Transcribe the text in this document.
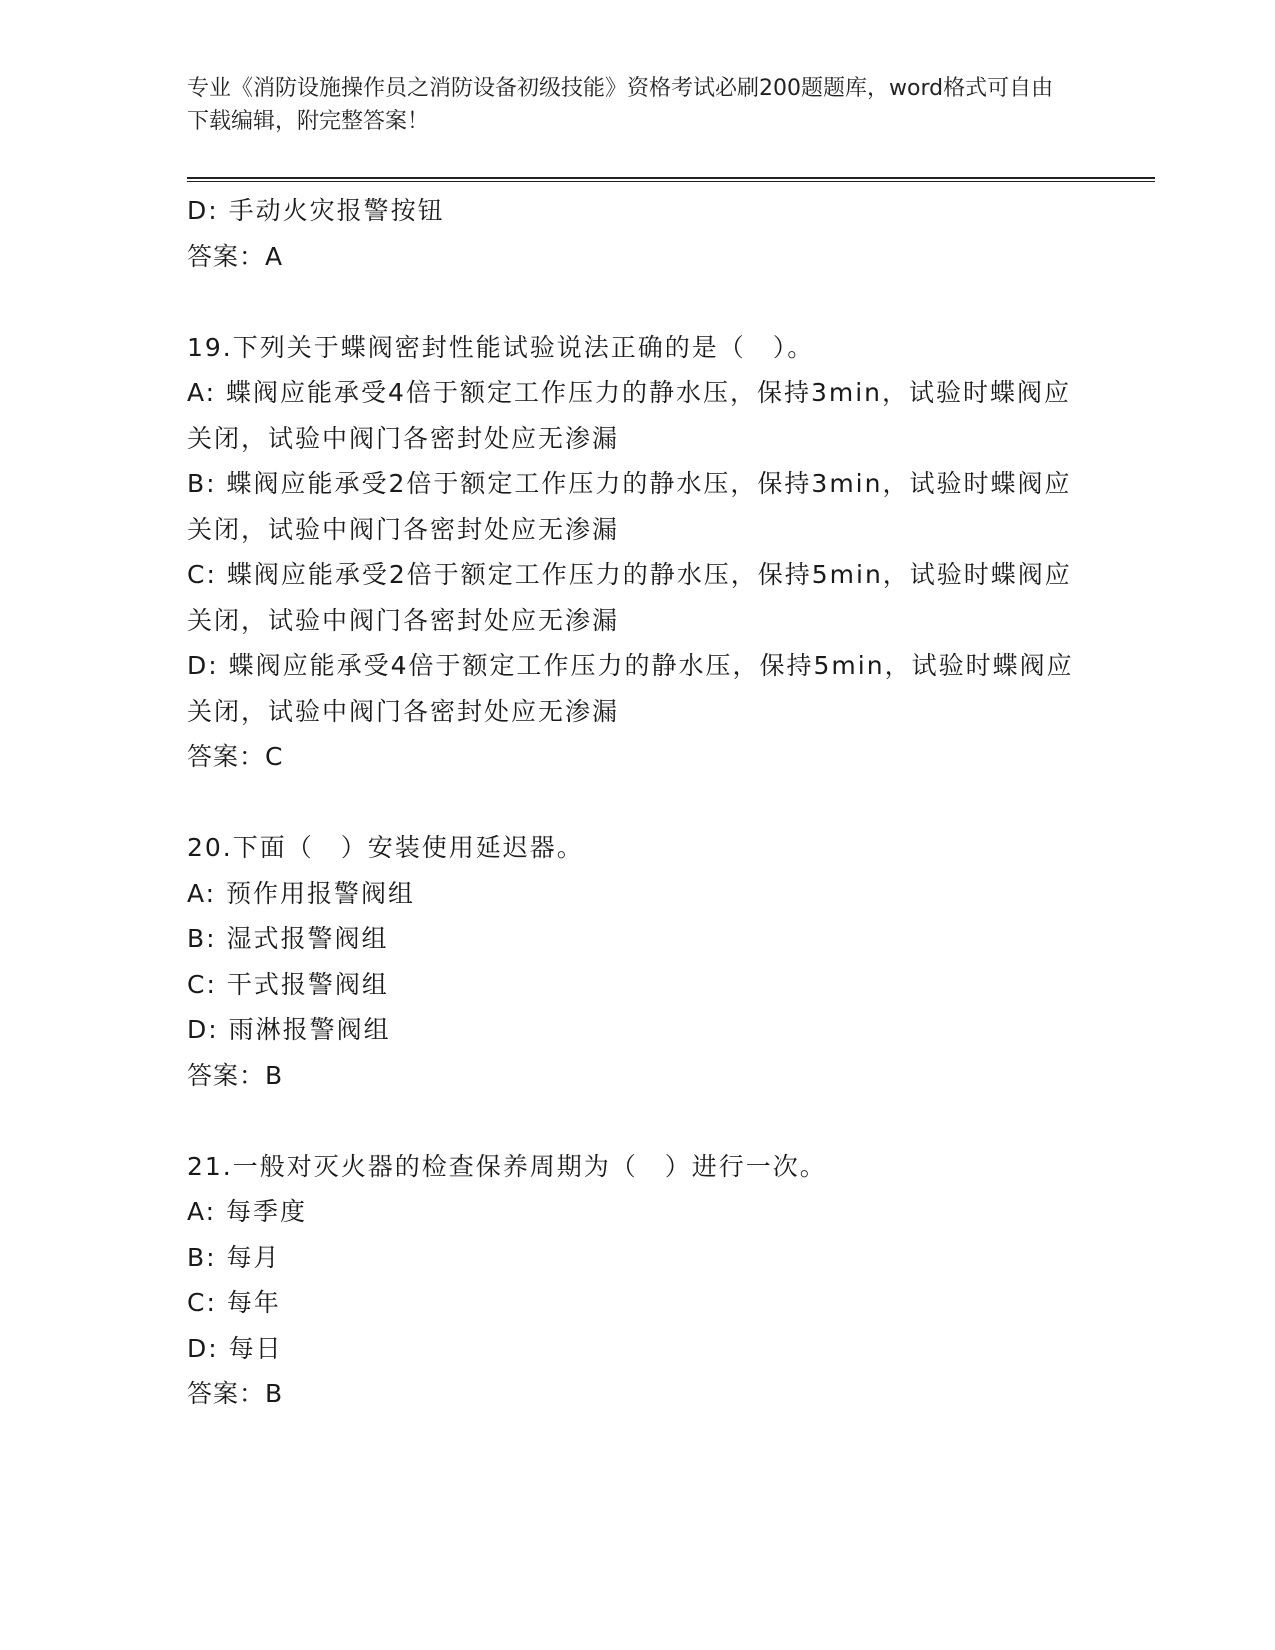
专业《消防设施操作员之消防设备初级技能》资格考试必刷200题题库，word格式可自由下载编辑，附完整答案！
D: 手动火灾报警按钮
答案：A
19.下列关于蝶阀密封性能试验说法正确的是（　）。
A: 蝶阀应能承受4倍于额定工作压力的静水压，保持3min，试验时蝶阀应关闭，试验中阀门各密封处应无渗漏
B: 蝶阀应能承受2倍于额定工作压力的静水压，保持3min，试验时蝶阀应关闭，试验中阀门各密封处应无渗漏
C: 蝶阀应能承受2倍于额定工作压力的静水压，保持5min，试验时蝶阀应关闭，试验中阀门各密封处应无渗漏
D: 蝶阀应能承受4倍于额定工作压力的静水压，保持5min，试验时蝶阀应关闭，试验中阀门各密封处应无渗漏
答案：C
20.下面（　）安装使用延迟器。
A: 预作用报警阀组
B: 湿式报警阀组
C: 干式报警阀组
D: 雨淋报警阀组
答案：B
21.一般对灭火器的检查保养周期为（　）进行一次。
A: 每季度
B: 每月
C: 每年
D: 每日
答案：B
